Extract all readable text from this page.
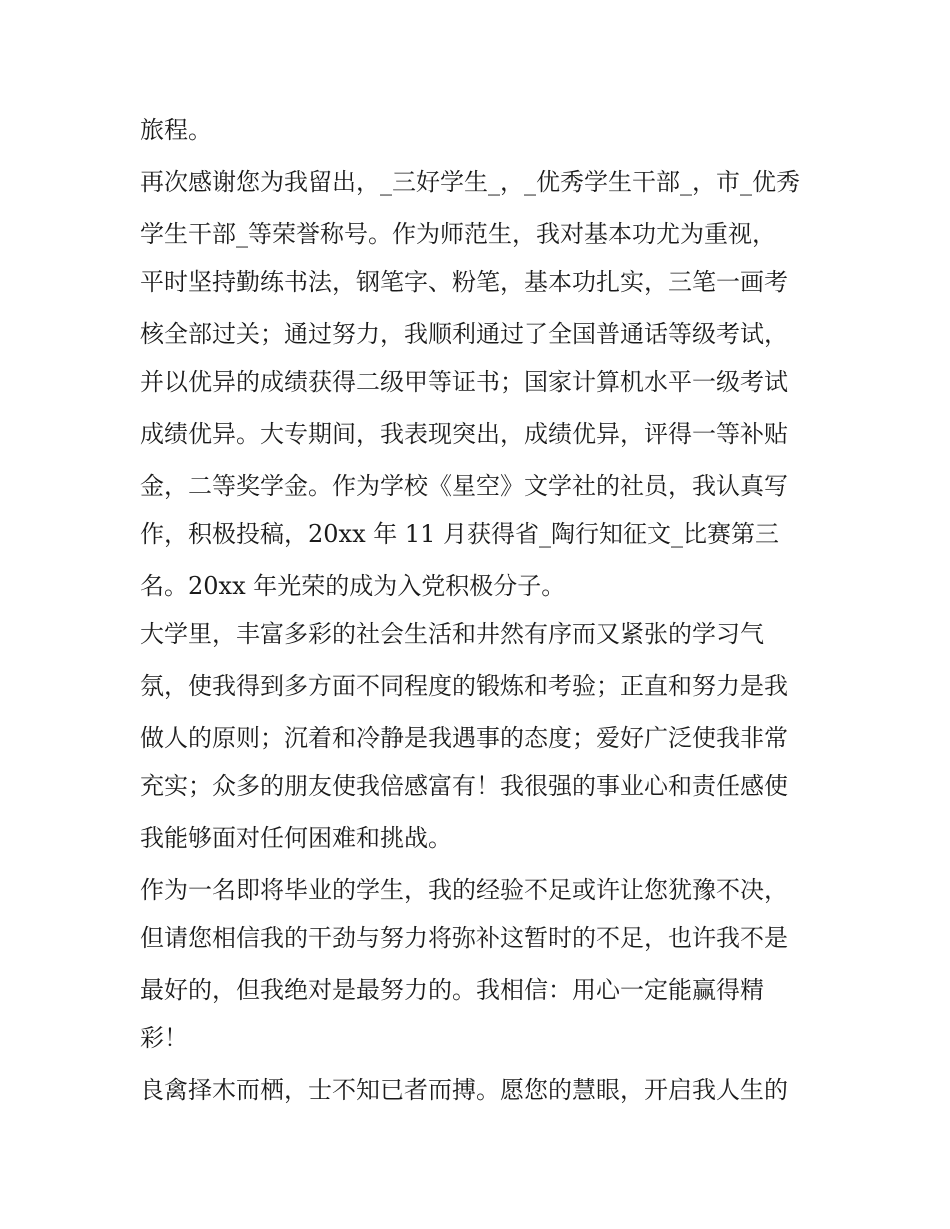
旅程。
再次感谢您为我留出，_三好学生_，_优秀学生干部_，市_优秀
学生干部_等荣誉称号。作为师范生，我对基本功尤为重视，
平时坚持勤练书法，钢笔字、粉笔，基本功扎实，三笔一画考
核全部过关；通过努力，我顺利通过了全国普通话等级考试，
并以优异的成绩获得二级甲等证书；国家计算机水平一级考试
成绩优异。大专期间，我表现突出，成绩优异，评得一等补贴
金，二等奖学金。作为学校《星空》文学社的社员，我认真写
作，积极投稿，20xx 年 11 月获得省_陶行知征文_比赛第三
名。20xx 年光荣的成为入党积极分子。
大学里，丰富多彩的社会生活和井然有序而又紧张的学习气
氛，使我得到多方面不同程度的锻炼和考验；正直和努力是我
做人的原则；沉着和冷静是我遇事的态度；爱好广泛使我非常
充实；众多的朋友使我倍感富有！我很强的事业心和责任感使
我能够面对任何困难和挑战。
作为一名即将毕业的学生，我的经验不足或许让您犹豫不决，
但请您相信我的干劲与努力将弥补这暂时的不足，也许我不是
最好的，但我绝对是最努力的。我相信：用心一定能赢得精
彩！
良禽择木而栖，士不知已者而搏。愿您的慧眼，开启我人生的
